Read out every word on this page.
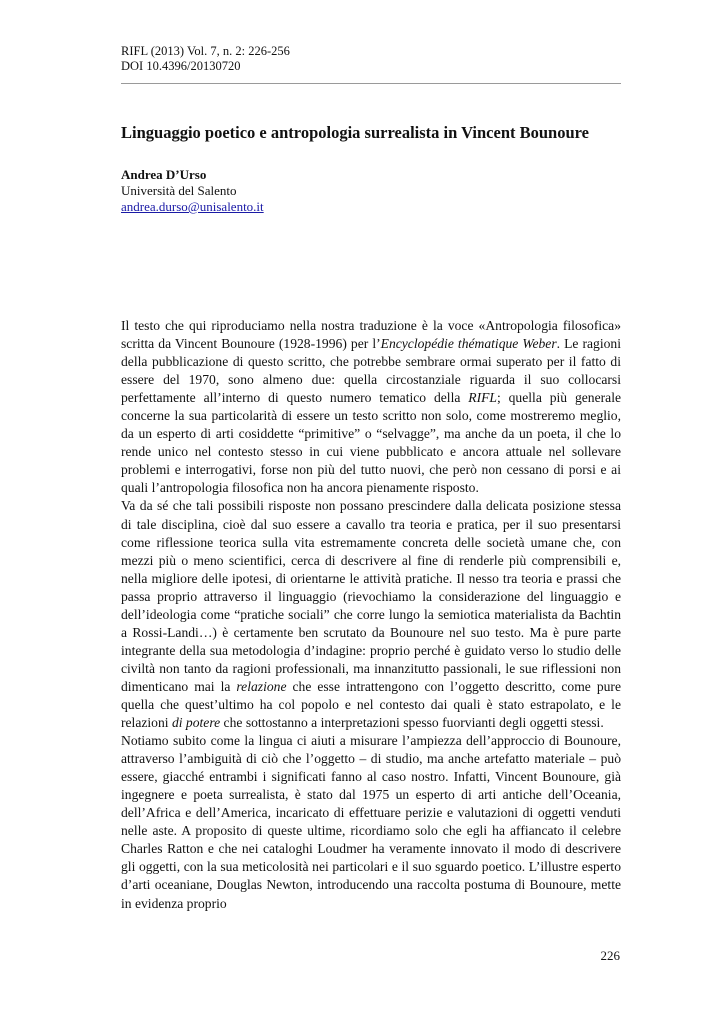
RIFL (2013) Vol. 7, n. 2: 226-256
DOI 10.4396/20130720
Linguaggio poetico e antropologia surrealista in Vincent Bounoure
Andrea D’Urso
Università del Salento
andrea.durso@unisalento.it

Il testo che qui riproduciamo nella nostra traduzione è la voce «Antropologia filosofica» scritta da Vincent Bounoure (1928-1996) per l’Encyclopédie thématique Weber. Le ragioni della pubblicazione di questo scritto, che potrebbe sembrare ormai superato per il fatto di essere del 1970, sono almeno due: quella circostanziale riguarda il suo collocarsi perfettamente all’interno di questo numero tematico della RIFL; quella più generale concerne la sua particolarità di essere un testo scritto non solo, come mostreremo meglio, da un esperto di arti cosiddette “primitive” o “selvagge”, ma anche da un poeta, il che lo rende unico nel contesto stesso in cui viene pubblicato e ancora attuale nel sollevare problemi e interrogativi, forse non più del tutto nuovi, che però non cessano di porsi e ai quali l’antropologia filosofica non ha ancora pienamente risposto.

Va da sé che tali possibili risposte non possano prescindere dalla delicata posizione stessa di tale disciplina, cioè dal suo essere a cavallo tra teoria e pratica, per il suo presentarsi come riflessione teorica sulla vita estremamente concreta delle società umane che, con mezzi più o meno scientifici, cerca di descrivere al fine di renderle più comprensibili e, nella migliore delle ipotesi, di orientarne le attività pratiche. Il nesso tra teoria e prassi che passa proprio attraverso il linguaggio (rievochiamo la considerazione del linguaggio e dell’ideologia come “pratiche sociali” che corre lungo la semiotica materialista da Bachtin a Rossi-Landi…) è certamente ben scrutato da Bounoure nel suo testo. Ma è pure parte integrante della sua metodologia d’indagine: proprio perché è guidato verso lo studio delle civiltà non tanto da ragioni professionali, ma innanzitutto passionali, le sue riflessioni non dimenticano mai la relazione che esse intrattengono con l’oggetto descritto, come pure quella che quest’ultimo ha col popolo e nel contesto dai quali è stato estrapolato, e le relazioni di potere che sottostanno a interpretazioni spesso fuorvianti degli oggetti stessi.

Notiamo subito come la lingua ci aiuti a misurare l’ampiezza dell’approccio di Bounoure, attraverso l’ambiguità di ciò che l’oggetto – di studio, ma anche artefatto materiale – può essere, giacché entrambi i significati fanno al caso nostro. Infatti, Vincent Bounoure, già ingegnere e poeta surrealista, è stato dal 1975 un esperto di arti antiche dell’Oceania, dell’Africa e dell’America, incaricato di effettuare perizie e valutazioni di oggetti venduti nelle aste. A proposito di queste ultime, ricordiamo solo che egli ha affiancato il celebre Charles Ratton e che nei cataloghi Loudmer ha veramente innovato il modo di descrivere gli oggetti, con la sua meticolosità nei particolari e il suo sguardo poetico. L’illustre esperto d’arti oceaniane, Douglas Newton, introducendo una raccolta postuma di Bounoure, mette in evidenza proprio

226
